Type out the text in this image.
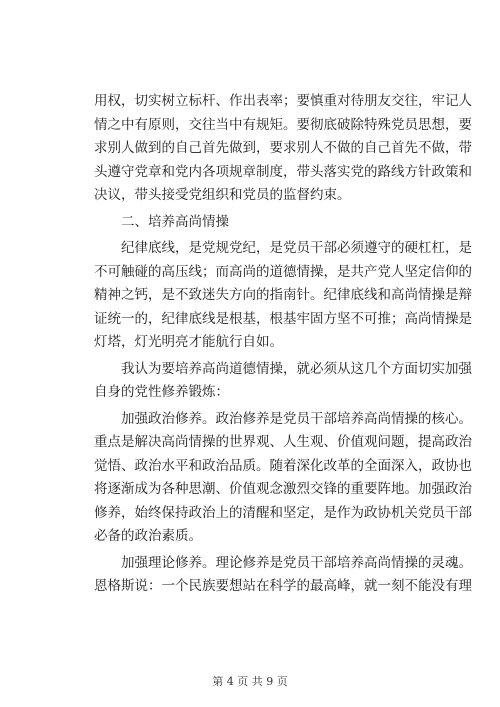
用权，切实树立标杆、作出表率；要慎重对待朋友交往，牢记人
情之中有原则，交往当中有规矩。要彻底破除特殊党员思想，要
求别人做到的自己首先做到，要求别人不做的自己首先不做，带
头遵守党章和党内各项规章制度，带头落实党的路线方针政策和
决议，带头接受党组织和党员的监督约束。
二、培养高尚情操
纪律底线，是党规党纪，是党员干部必须遵守的硬杠杠，是
不可触碰的高压线；而高尚的道德情操，是共产党人坚定信仰的
精神之钙，是不致迷失方向的指南针。纪律底线和高尚情操是辩
证统一的，纪律底线是根基，根基牢固方坚不可推；高尚情操是
灯塔，灯光明亮才能航行自如。
我认为要培养高尚道德情操，就必须从这几个方面切实加强
自身的党性修养锻炼：
加强政治修养。政治修养是党员干部培养高尚情操的核心。
重点是解决高尚情操的世界观、人生观、价值观问题，提高政治
觉悟、政治水平和政治品质。随着深化改革的全面深入，政协也
将逐渐成为各种思潮、价值观念激烈交锋的重要阵地。加强政治
修养，始终保持政治上的清醒和坚定，是作为政协机关党员干部
必备的政治素质。
加强理论修养。理论修养是党员干部培养高尚情操的灵魂。
恩格斯说：一个民族要想站在科学的最高峰，就一刻不能没有理
第 4 页 共 9 页
